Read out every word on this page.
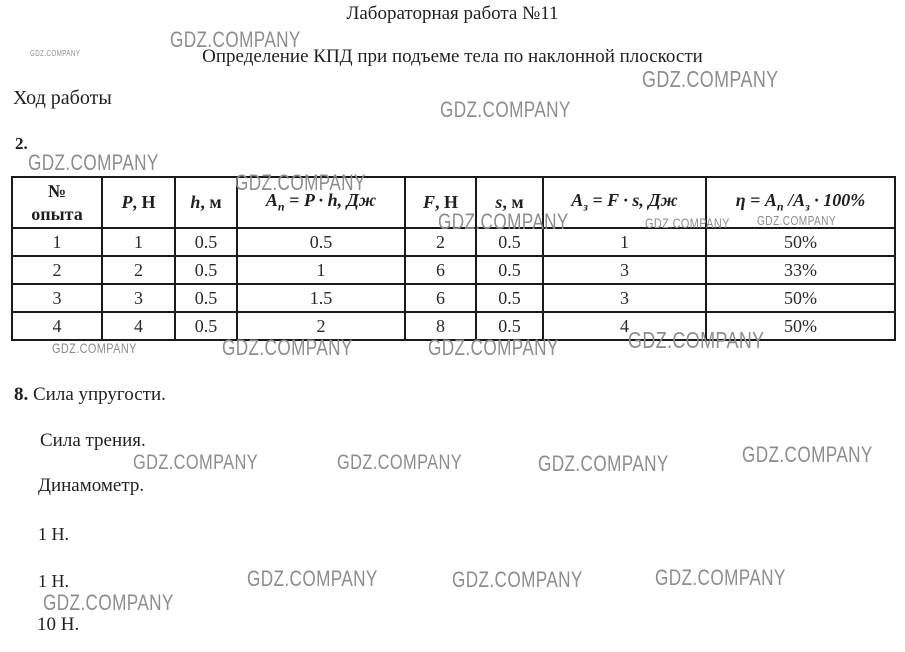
Лабораторная работа №11
Определение КПД при подъеме тела по наклонной плоскости
Ход работы
2.
№
опыта	P, Н	h, м	$A_п = P \cdot h$, Дж	F, Н	s, м	$A_з = F \cdot s$, Дж	$\eta = A_п$ $/A_з \cdot 100\%$
1	1	0.5	0.5	2	0.5	1	50%
2	2	0.5	1	6	0.5	3	33%
3	3	0.5	1.5	6	0.5	3	50%
4	4	0.5	2	8	0.5	4	50%
8. Сила упругости.
Сила трения.
Динамометр.
1 Н.
1 Н.
10 Н.
GDZ.COMPANY
GDZ.COMPANY
GDZ.COMPANY
GDZ.COMPANY
GDZ.COMPANY
GDZ.COMPANY
GDZ.COMPANY	GDZ.COMPANY GDZ.COMPANY
GDZ.COMPANY	GDZ.COMPANY	GDZ.COMPANY	GDZ.COMPANY
GDZ.COMPANY	GDZ.COMPANY	GDZ.COMPANY	GDZ.COMPANY
GDZ.COMPANY	GDZ.COMPANY	GDZ.COMPANY
GDZ.COMPANY
